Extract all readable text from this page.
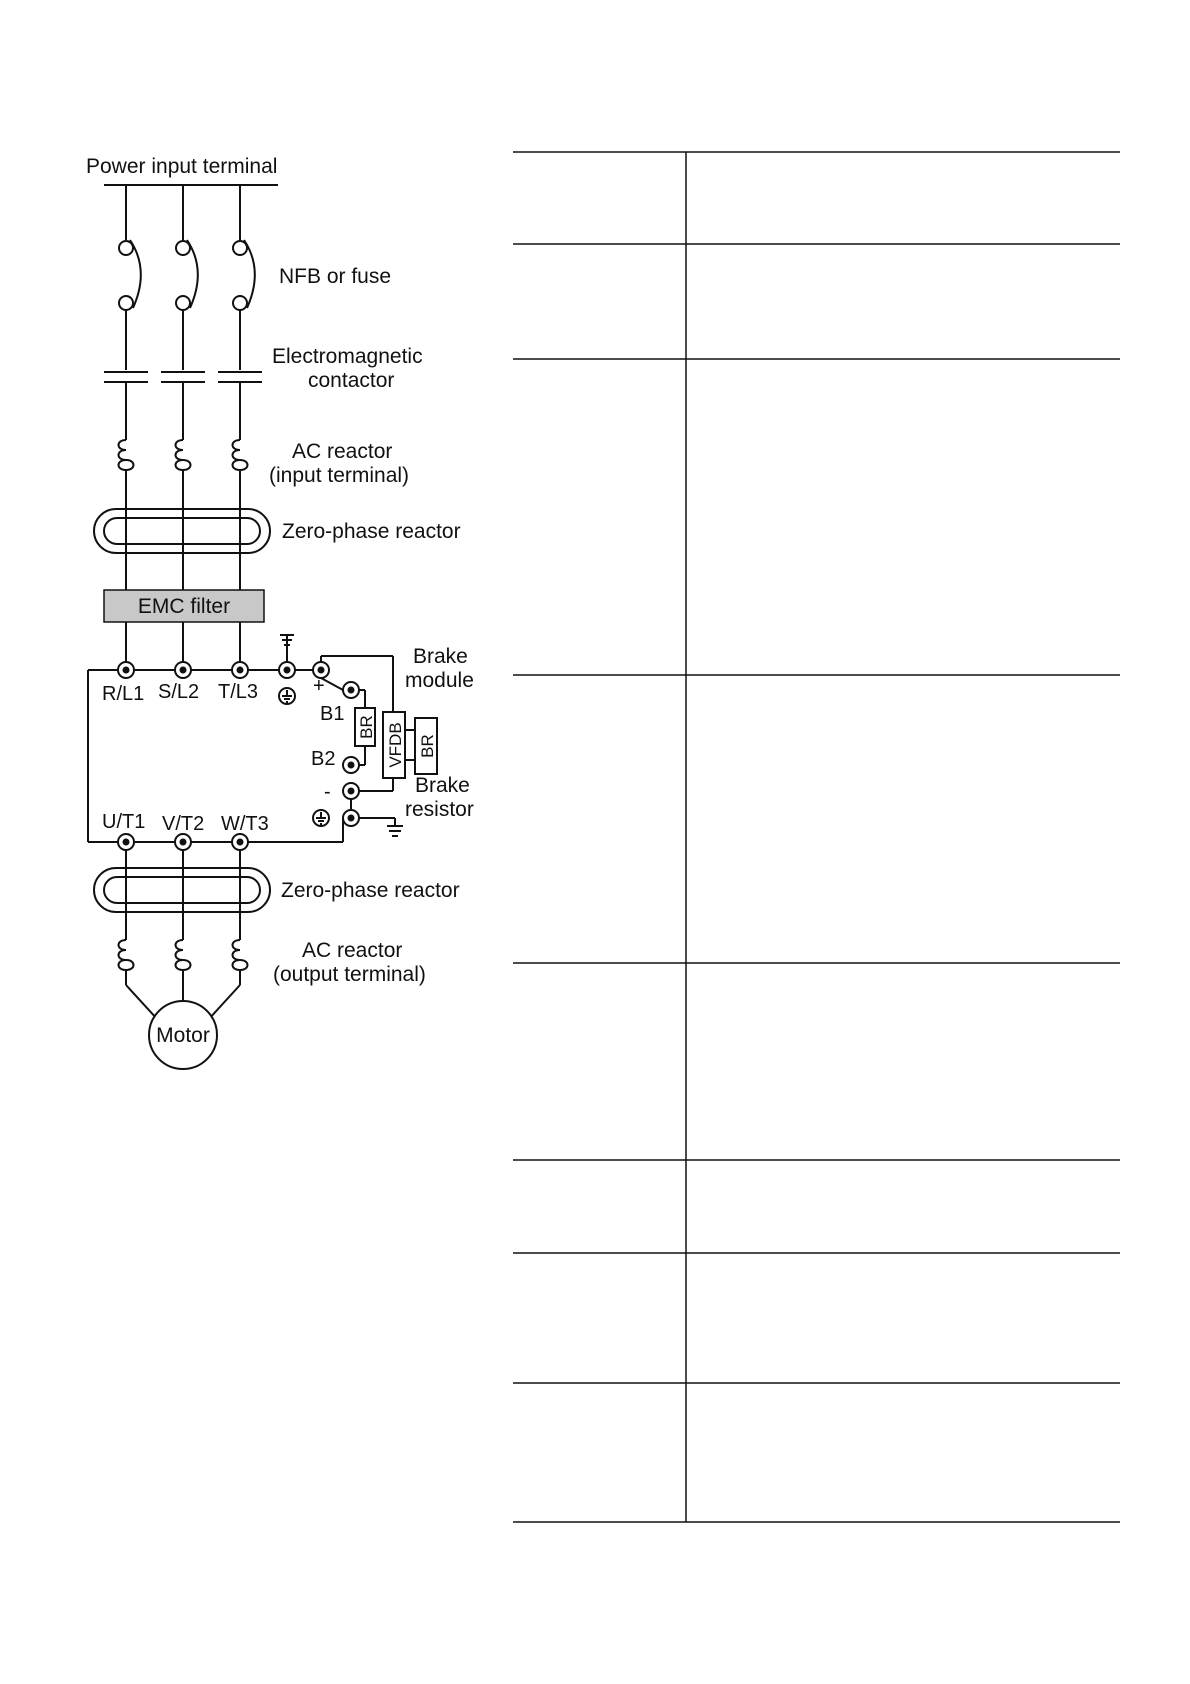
Power input terminal
NFB or fuse
Electromagnetic
contactor
AC reactor
(input terminal)
Zero-phase reactor
EMC filter
R/L1 S/L2 T/L3	+
B1
B2
-
BR VFDB BR
Brake
module
Brake
resistor
U/T1 V/T2 W/T3
Zero-phase reactor
AC reactor
(output terminal)
Motor
